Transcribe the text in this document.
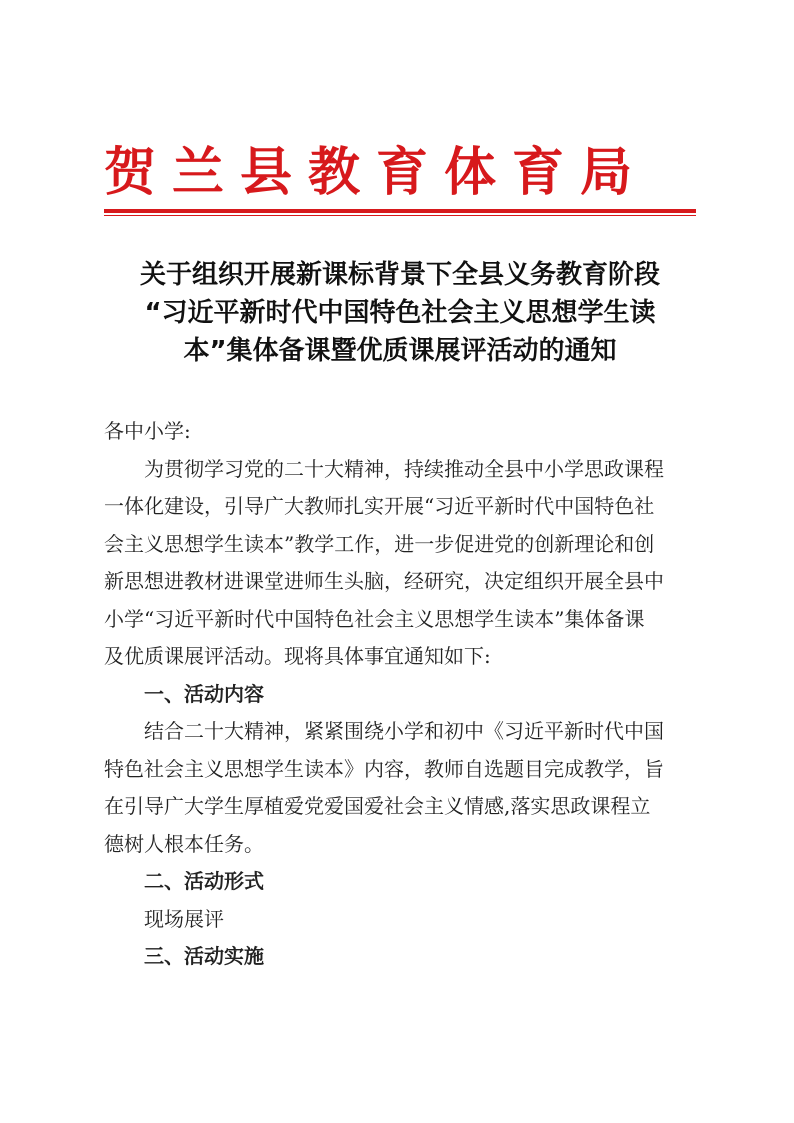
贺兰县教育体育局
关于组织开展新课标背景下全县义务教育阶段
“习近平新时代中国特色社会主义思想学生读
本”集体备课暨优质课展评活动的通知

各中小学:

为贯彻学习党的二十大精神，持续推动全县中小学思政课程
一体化建设，引导广大教师扎实开展“习近平新时代中国特色社
会主义思想学生读本”教学工作，进一步促进党的创新理论和创
新思想进教材进课堂进师生头脑，经研究，决定组织开展全县中
小学“习近平新时代中国特色社会主义思想学生读本”集体备课
及优质课展评活动。现将具体事宜通知如下:

一、活动内容

结合二十大精神，紧紧围绕小学和初中《习近平新时代中国
特色社会主义思想学生读本》内容，教师自选题目完成教学，旨
在引导广大学生厚植爱党爱国爱社会主义情感,落实思政课程立
德树人根本任务。

二、活动形式

现场展评

三、活动实施
